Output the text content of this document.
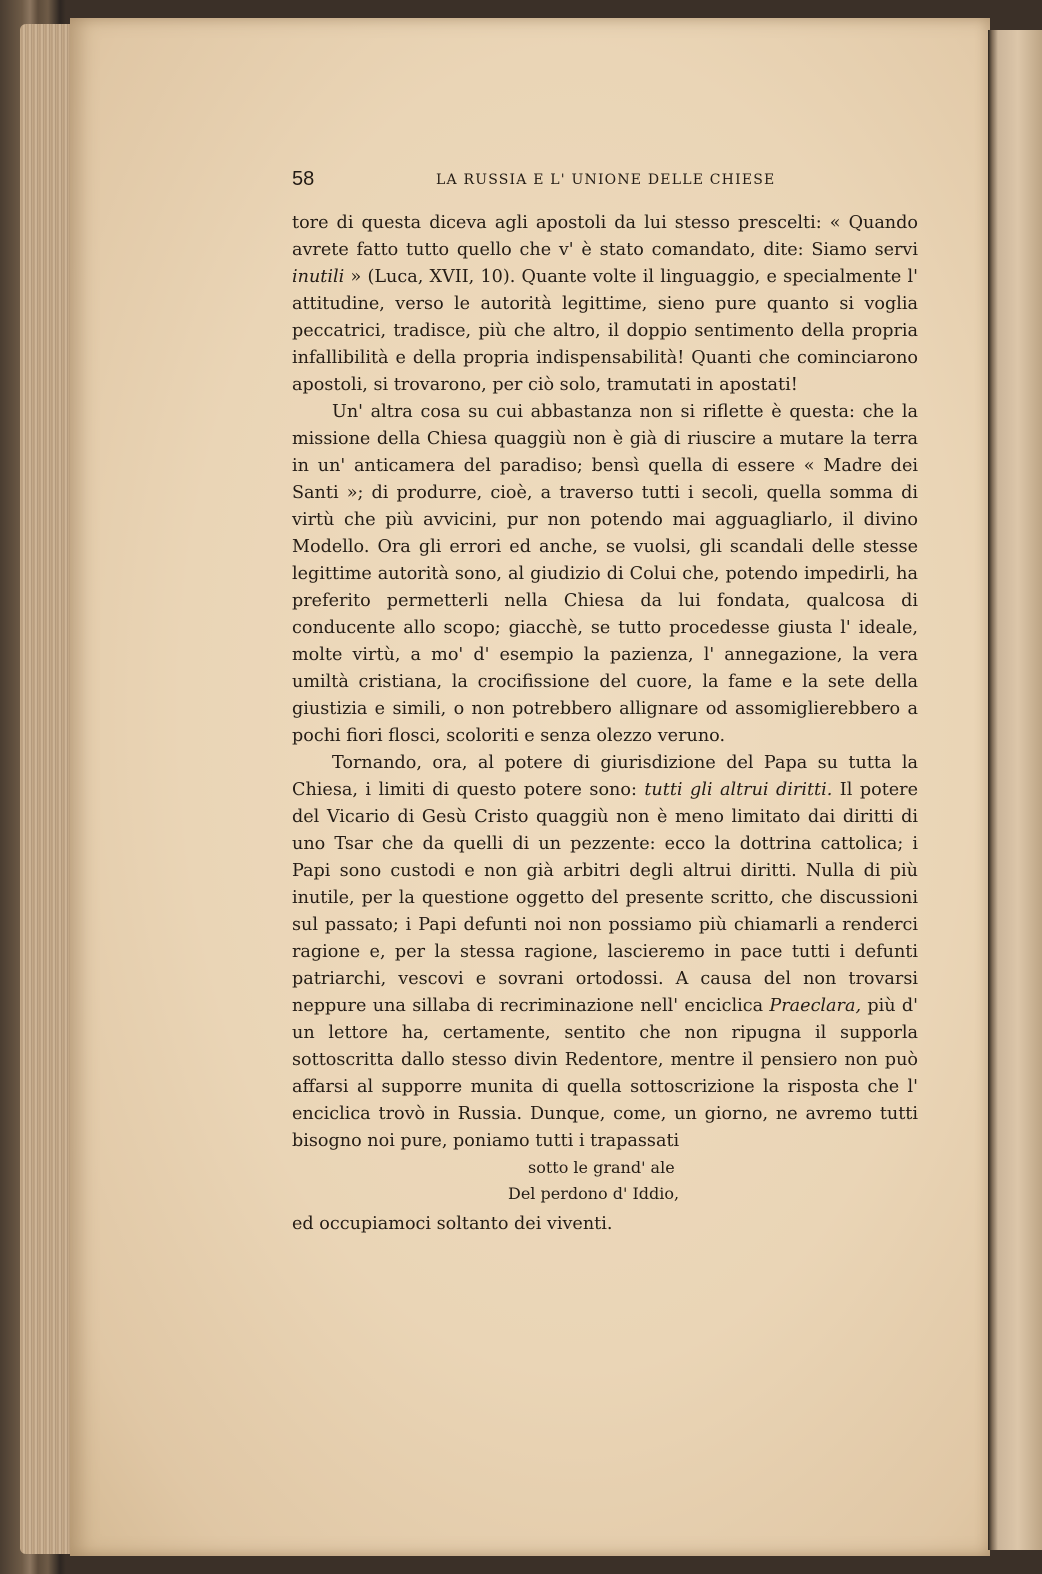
58	LA RUSSIA E L' UNIONE DELLE CHIESE

tore di questa diceva agli apostoli da lui stesso prescelti: « Quando avrete fatto tutto quello che v' è stato comandato, dite: Siamo servi inutili » (Luca, XVII, 10). Quante volte il linguaggio, e specialmente l' attitudine, verso le autorità legittime, sieno pure quanto si voglia peccatrici, tradisce, più che altro, il doppio sentimento della propria infallibilità e della propria indispensabilità! Quanti che cominciarono apostoli, si trovarono, per ciò solo, tramutati in apostati!

Un' altra cosa su cui abbastanza non si riflette è questa: che la missione della Chiesa quaggiù non è già di riuscire a mutare la terra in un' anticamera del paradiso; bensì quella di essere « Madre dei Santi »; di produrre, cioè, a traverso tutti i secoli, quella somma di virtù che più avvicini, pur non potendo mai agguagliarlo, il divino Modello. Ora gli errori ed anche, se vuolsi, gli scandali delle stesse legittime autorità sono, al giudizio di Colui che, potendo impedirli, ha preferito permetterli nella Chiesa da lui fondata, qualcosa di conducente allo scopo; giacchè, se tutto procedesse giusta l' ideale, molte virtù, a mo' d' esempio la pazienza, l' annegazione, la vera umiltà cristiana, la crocifissione del cuore, la fame e la sete della giustizia e simili, o non potrebbero allignare od assomiglierebbero a pochi fiori flosci, scoloriti e senza olezzo veruno.

Tornando, ora, al potere di giurisdizione del Papa su tutta la Chiesa, i limiti di questo potere sono: tutti gli altrui diritti. Il potere del Vicario di Gesù Cristo quaggiù non è meno limitato dai diritti di uno Tsar che da quelli di un pezzente: ecco la dottrina cattolica; i Papi sono custodi e non già arbitri degli altrui diritti. Nulla di più inutile, per la questione oggetto del presente scritto, che discussioni sul passato; i Papi defunti noi non possiamo più chiamarli a renderci ragione e, per la stessa ragione, lascieremo in pace tutti i defunti patriarchi, vescovi e sovrani ortodossi. A causa del non trovarsi neppure una sillaba di recriminazione nell' enciclica Praeclara, più d' un lettore ha, certamente, sentito che non ripugna il supporla sottoscritta dallo stesso divin Redentore, mentre il pensiero non può affarsi al supporre munita di quella sottoscrizione la risposta che l' enciclica trovò in Russia. Dunque, come, un giorno, ne avremo tutti bisogno noi pure, poniamo tutti i trapassati

sotto le grand' ale
Del perdono d' Iddio,

ed occupiamoci soltanto dei viventi.
